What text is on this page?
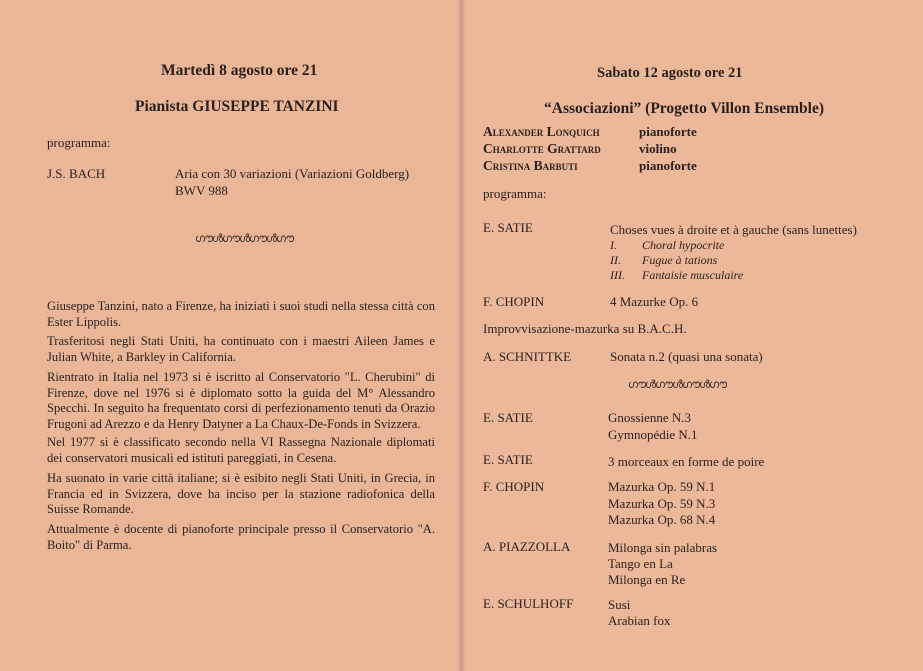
Martedì 8 agosto ore 21
Pianista GIUSEPPE TANZINI
programma:
J.S. BACH	Aria con 30 variazioni (Variazioni Goldberg)
BWV 988
ഗൗൾഗൗൾഗൗൾഗൗ
Giuseppe Tanzini, nato a Firenze, ha iniziati i suoi studi nella stessa città con Ester Lippolis.
Trasferitosi negli Stati Uniti, ha continuato con i maestri Aileen James e Julian White, a Barkley in California.
Rientrato in Italia nel 1973 si è iscritto al Conservatorio "L. Cherubini" di Firenze, dove nel 1976 si è diplomato sotto la guida del M° Alessandro Specchi. In seguito ha frequentato corsi di perfezionamento tenuti da Orazio Frugoni ad Arezzo e da Henry Datyner a La Chaux-De-Fonds in Svizzera.
Nel 1977 si è classificato secondo nella VI Rassegna Nazionale diplomati dei conservatori musicali ed istituti pareggiati, in Cesena.
Ha suonato in varie città italiane; si è esibito negli Stati Uniti, in Grecia, in Francia ed in Svizzera, dove ha inciso per la stazione radiofonica della Suisse Romande.
Attualmente è docente di pianoforte principale presso il Conservatorio "A. Boito" di Parma.
Sabato 12 agosto ore 21
“Associazioni” (Progetto Villon Ensemble)
Alexander Lonquich	pianoforte
Charlotte Grattard	violino
Cristina Barbuti	pianoforte
programma:
E. SATIE	Choses vues à droite et à gauche (sans lunettes)
I. Choral hypocrite
II. Fugue à tations
III. Fantaisie musculaire
F. CHOPIN	4 Mazurke Op. 6
Improvvisazione-mazurka su B.A.C.H.
A. SCHNITTKE	Sonata n.2 (quasi una sonata)
ഗൗൾഗൗൾഗൗൾഗൗ
E. SATIE	Gnossienne N.3
Gymnopédie N.1
E. SATIE	3 morceaux en forme de poire
F. CHOPIN	Mazurka Op. 59 N.1
Mazurka Op. 59 N.3
Mazurka Op. 68 N.4
A. PIAZZOLLA	Milonga sin palabras
Tango en La
Milonga en Re
E. SCHULHOFF	Susi
Arabian fox
